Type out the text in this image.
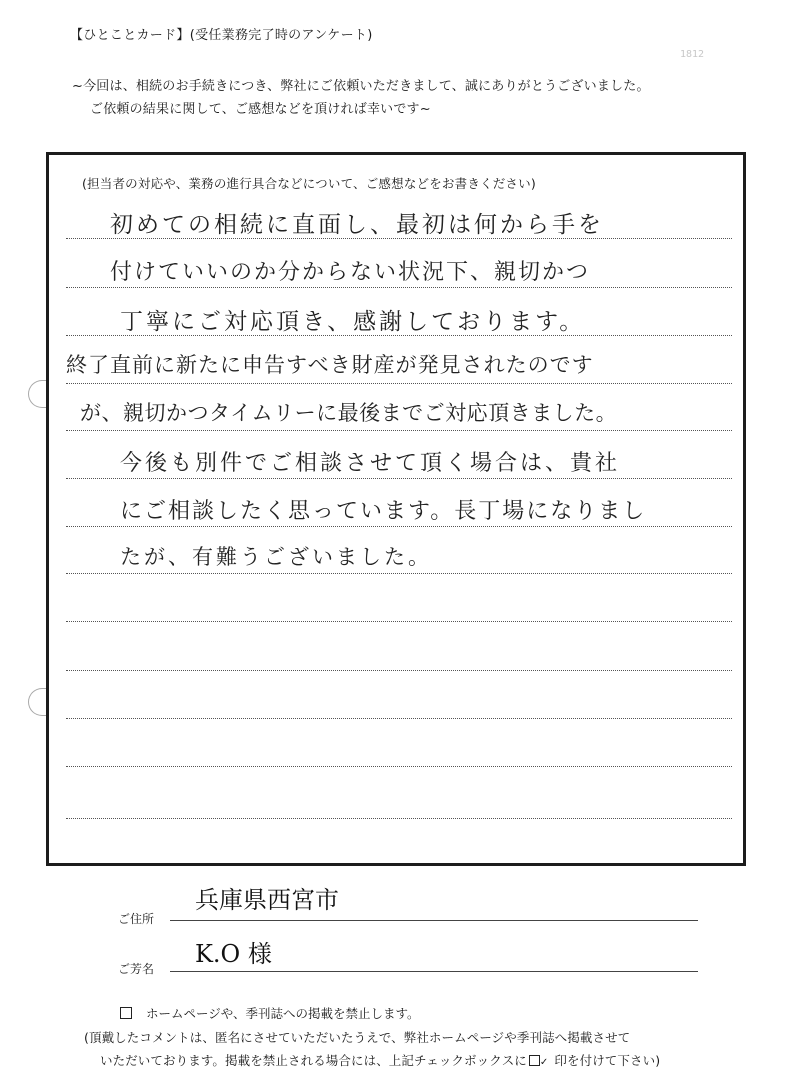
【ひとことカード】(受任業務完了時のアンケート)
1812
~今回は、相続のお手続きにつき、弊社にご依頼いただきまして、誠にありがとうございました。
ご依頼の結果に関して、ご感想などを頂ければ幸いです~
(担当者の対応や、業務の進行具合などについて、ご感想などをお書きください)
初めての相続に直面し、最初は何から手を
付けていいのか分からない状況下、親切かつ
丁寧にご対応頂き、感謝しております。
終了直前に新たに申告すべき財産が発見されたのです
が、親切かつタイムリーに最後までご対応頂きました。
今後も別件でご相談させて頂く場合は、貴社
にご相談したく思っています。長丁場になりまし
たが、有難うございました。
兵庫県西宮市
ご住所
K.O 様
ご芳名
ホームページや、季刊誌への掲載を禁止します。
(頂戴したコメントは、匿名にさせていただいたうえで、弊社ホームページや季刊誌へ掲載させて
いただいております。掲載を禁止される場合には、上記チェックボックスに ✓ 印を付けて下さい)
